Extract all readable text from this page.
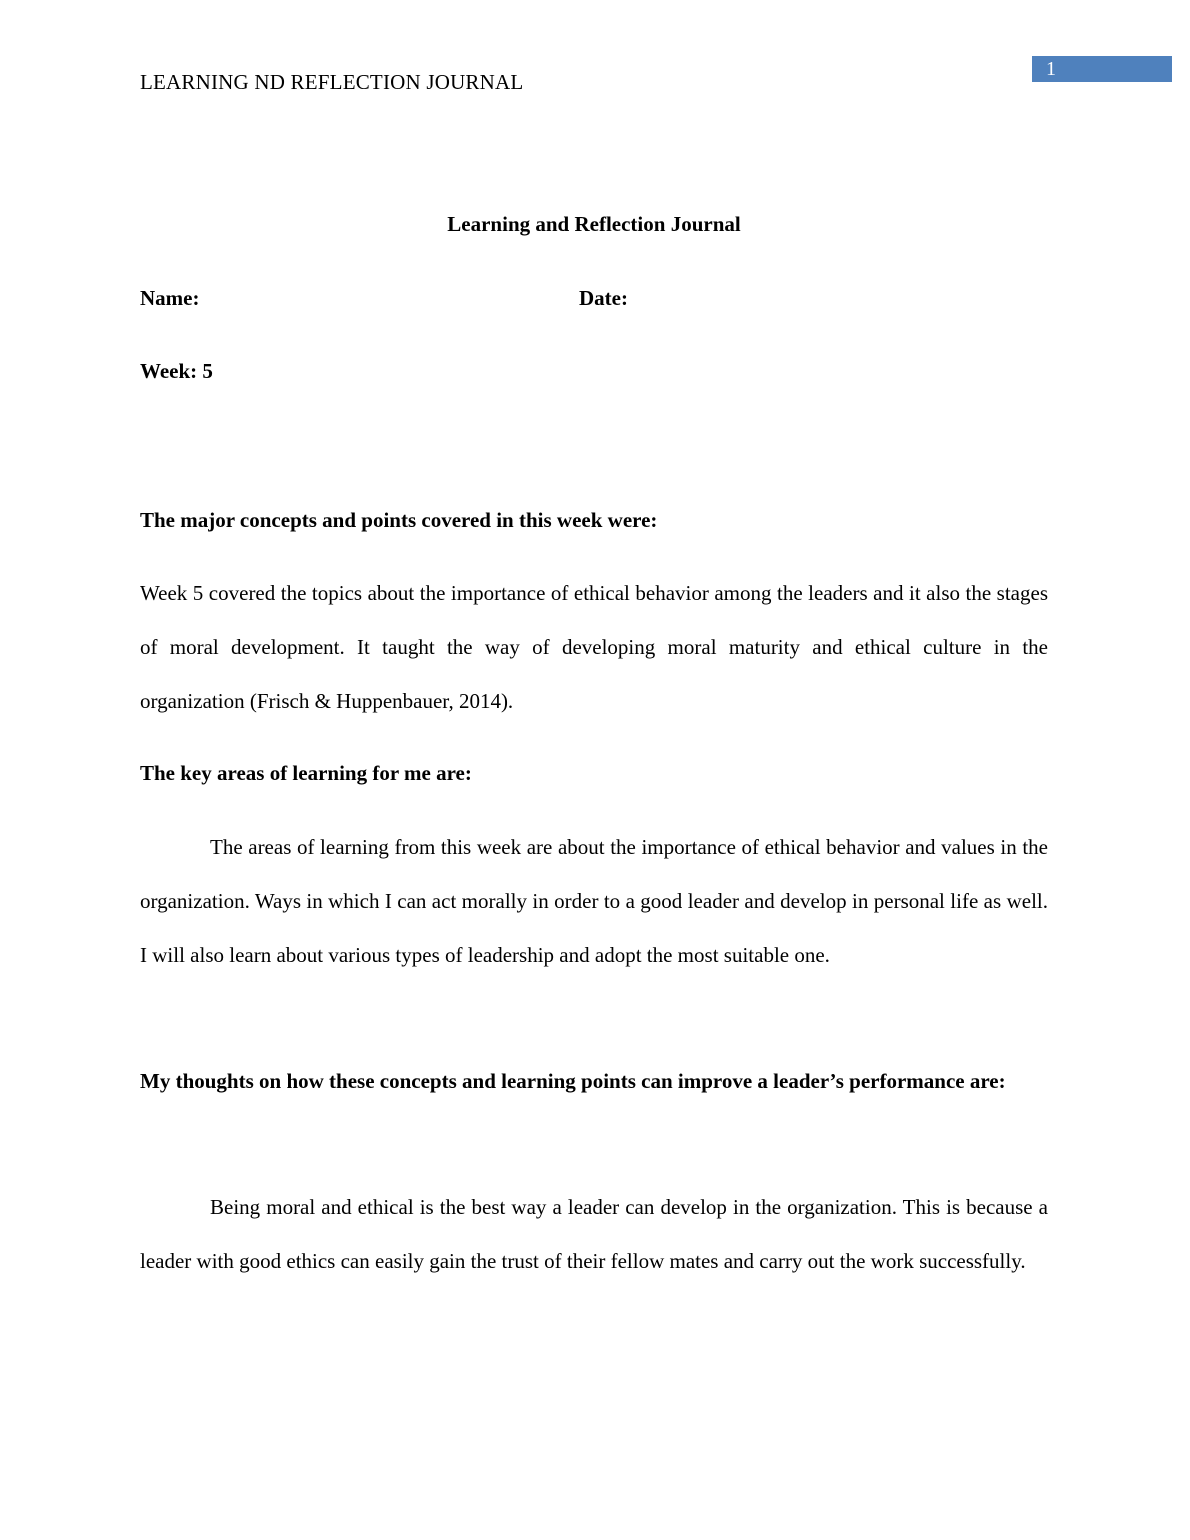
LEARNING ND REFLECTION JOURNAL
1
Learning and Reflection Journal
Name:	Date:
Week: 5

The major concepts and points covered in this week were:

Week 5 covered the topics about the importance of ethical behavior among the leaders and it also the stages of moral development. It taught the way of developing moral maturity and ethical culture in the organization (Frisch & Huppenbauer, 2014).

The key areas of learning for me are:

The areas of learning from this week are about the importance of ethical behavior and values in the organization. Ways in which I can act morally in order to a good leader and develop in personal life as well. I will also learn about various types of leadership and adopt the most suitable one.

My thoughts on how these concepts and learning points can improve a leader’s performance are:

Being moral and ethical is the best way a leader can develop in the organization. This is because a leader with good ethics can easily gain the trust of their fellow mates and carry out the work successfully.
